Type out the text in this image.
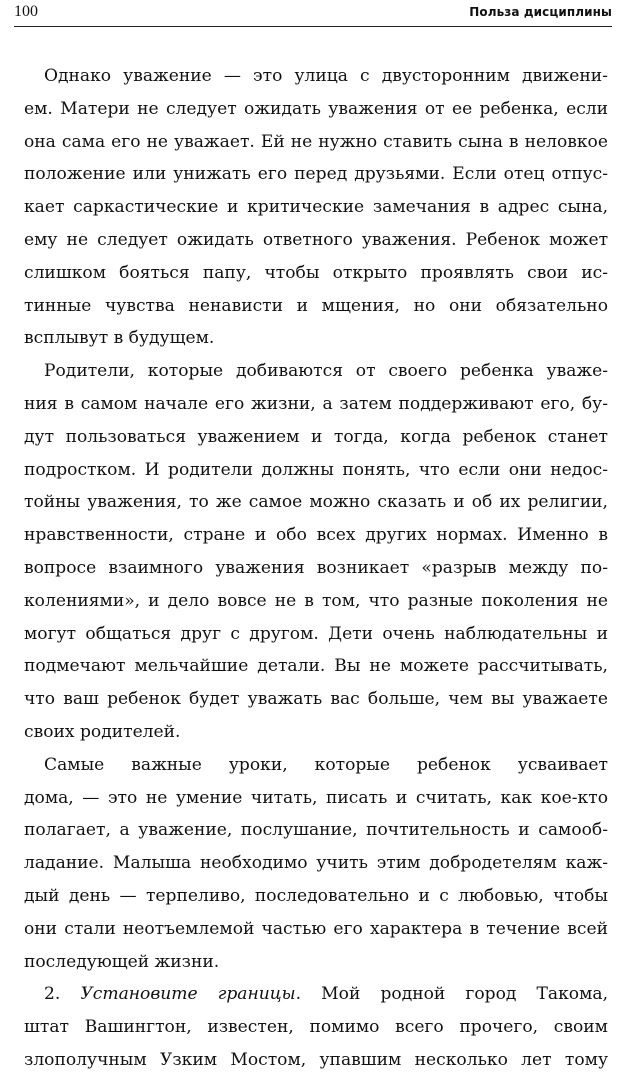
100	Польза дисциплины
Однако уважение — это улица с двусторонним движени-
ем. Матери не следует ожидать уважения от ее ребенка, если
она сама его не уважает. Ей не нужно ставить сына в неловкое
положение или унижать его перед друзьями. Если отец отпус-
кает саркастические и критические замечания в адрес сына,
ему не следует ожидать ответного уважения. Ребенок может
слишком бояться папу, чтобы открыто проявлять свои ис-
тинные чувства ненависти и мщения, но они обязательно
всплывут в будущем.
Родители, которые добиваются от своего ребенка уваже-
ния в самом начале его жизни, а затем поддерживают его, бу-
дут пользоваться уважением и тогда, когда ребенок станет
подростком. И родители должны понять, что если они недос-
тойны уважения, то же самое можно сказать и об их религии,
нравственности, стране и обо всех других нормах. Именно в
вопросе взаимного уважения возникает «разрыв между по-
колениями», и дело вовсе не в том, что разные поколения не
могут общаться друг с другом. Дети очень наблюдательны и
подмечают мельчайшие детали. Вы не можете рассчитывать,
что ваш ребенок будет уважать вас больше, чем вы уважаете
своих родителей.
Самые важные уроки, которые ребенок усваивает
дома, — это не умение читать, писать и считать, как кое-кто
полагает, а уважение, послушание, почтительность и самооб-
ладание. Малыша необходимо учить этим добродетелям каж-
дый день — терпеливо, последовательно и с любовью, чтобы
они стали неотъемлемой частью его характера в течение всей
последующей жизни.
2. Установите границы. Мой родной город Такома,
штат Вашингтон, известен, помимо всего прочего, своим
злополучным Узким Мостом, упавшим несколько лет тому
